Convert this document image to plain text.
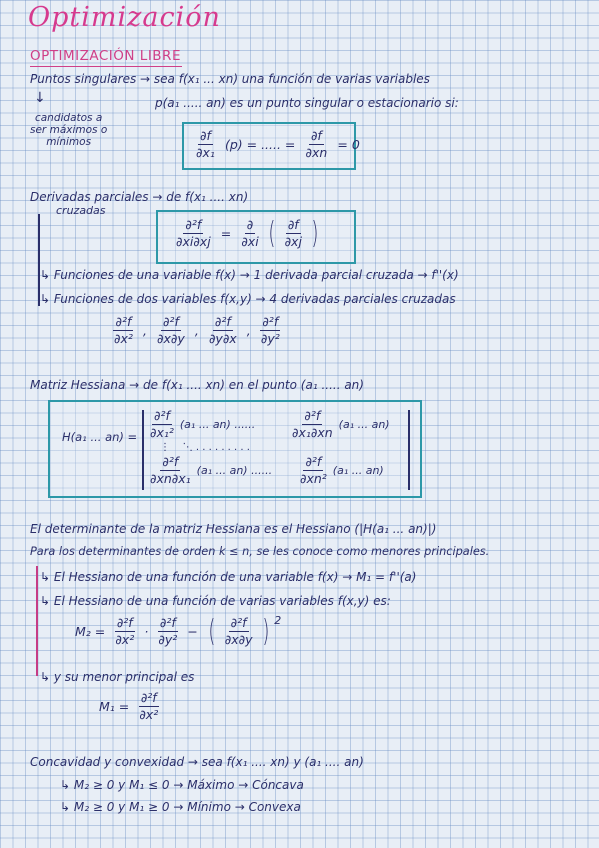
Optimización
OPTIMIZACIÓN LIBRE
Puntos singulares → sea f(x₁ ... xn) una función de varias variables
↓	p(a₁ ..... an) es un punto singular o estacionario si:
candidatos a
ser máximos o
mínimos	$\frac{\partial f}{\text{∂x₁}} (p)$ = ..... = $\frac{\partial f}{\partial xn} = 0$
Derivadas parciales → de f(x₁ .... xn)
cruzadas
$\frac{\text{∂²f}}{\partial xi\partial xj} = \frac{\partial}{\partial xi}$ ( $\frac{\partial f}{\partial xj}$ )
↳ Funciones de una variable f(x) → 1 derivada parcial cruzada → f''(x)
↳ Funciones de dos variables f(x,y) → 4 derivadas parciales cruzadas
$\frac{\text{∂²f}}{\text{∂x²}}$ , $\frac{\text{∂²f}}{\partial x\partial y}$ , $\frac{\text{∂²f}}{\partial y\partial x}$ , $\frac{\text{∂²f}}{\text{∂y²}}$
Matriz Hessiana → de f(x₁ .... xn) en el punto (a₁ ..... an)
H(a₁ ... $an) = \frac{\text{∂²f}}{\text{∂x₁²}} (a_1$ ... an) ......	$\frac{\text{∂²f}}{\text{∂x₁∂xn}} (a_1$ ... an)
⋮    ⋱ . . . . . . . . .
$\frac{\text{∂²f}}{\text{∂xn∂x₁}} (a_1$ ... an) ...... $\frac{\text{∂²f}}{\text{∂xn²}} (a_1$ ... an)
El determinante de la matriz Hessiana es el Hessiano (|H(a₁ ... an)|)
Para los determinantes de orden k ≤ n, se les conoce como menores principales.
↳ El Hessiano de una función de una variable f(x) → M₁ = f''(a)
↳ El Hessiano de una función de varias variables f(x,y) es:
$M_2 = \frac{\text{∂²f}}{\text{∂x²}} \cdot \frac{\text{∂²f}}{\text{∂y²}}$ − ( $\frac{\text{∂²f}}{\partial x\partial y}$ ) $^2$
↳ y su menor principal es
$M_1 = \frac{\text{∂²f}}{\text{∂x²}}$
Concavidad y convexidad → sea f(x₁ .... xn) y (a₁ .... an)
↳ M₂ ≥ 0 y M₁ ≤ 0 → Máximo → Cóncava
↳ M₂ ≥ 0 y M₁ ≥ 0 → Mínimo → Convexa
